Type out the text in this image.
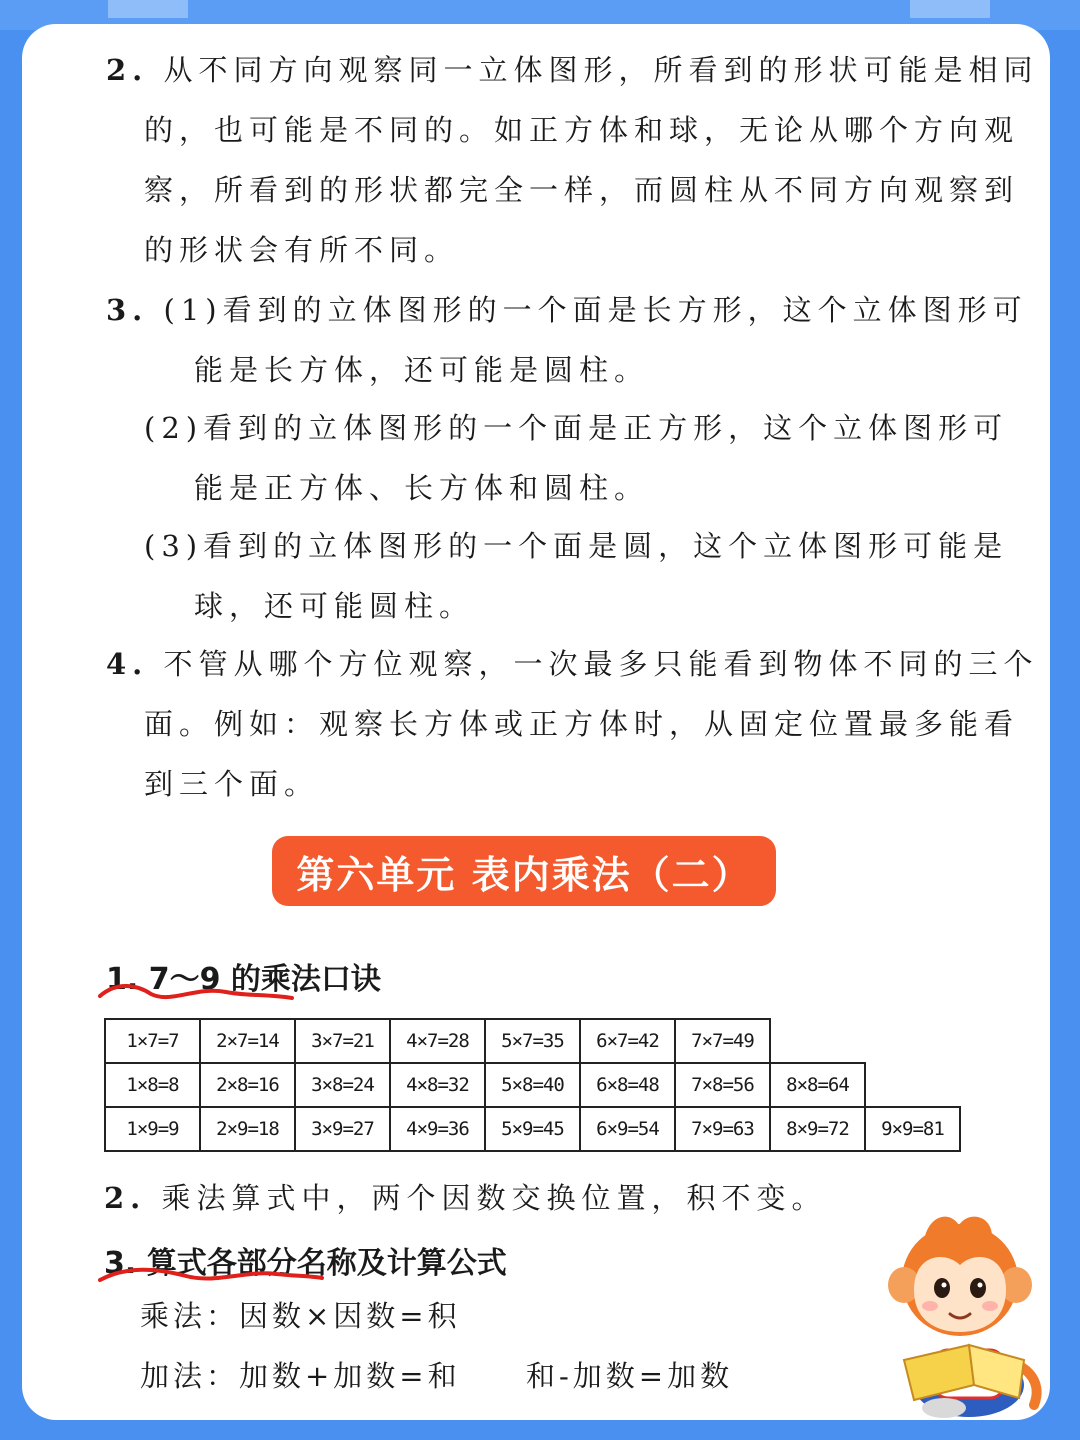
2. 从不同方向观察同一立体图形，所看到的形状可能是相同
的，也可能是不同的。如正方体和球，无论从哪个方向观
察，所看到的形状都完全一样，而圆柱从不同方向观察到
的形状会有所不同。
3. (1)看到的立体图形的一个面是长方形，这个立体图形可
能是长方体，还可能是圆柱。
(2)看到的立体图形的一个面是正方形，这个立体图形可
能是正方体、长方体和圆柱。
(3)看到的立体图形的一个面是圆，这个立体图形可能是
球，还可能圆柱。
4. 不管从哪个方位观察，一次最多只能看到物体不同的三个
面。例如：观察长方体或正方体时，从固定位置最多能看
到三个面。
第六单元 表内乘法（二）
1. 7～9 的乘法口诀
1×7=7	2×7=14	3×7=21	4×7=28	5×7=35	6×7=42	7×7=49		
1×8=8	2×8=16	3×8=24	4×8=32	5×8=40	6×8=48	7×8=56	8×8=64	
1×9=9	2×9=18	3×9=27	4×9=36	5×9=45	6×9=54	7×9=63	8×9=72	9×9=81
2. 乘法算式中，两个因数交换位置，积不变。
3. 算式各部分名称及计算公式
乘法：因数×因数=积
加法：加数+加数=和 和-加数=加数
